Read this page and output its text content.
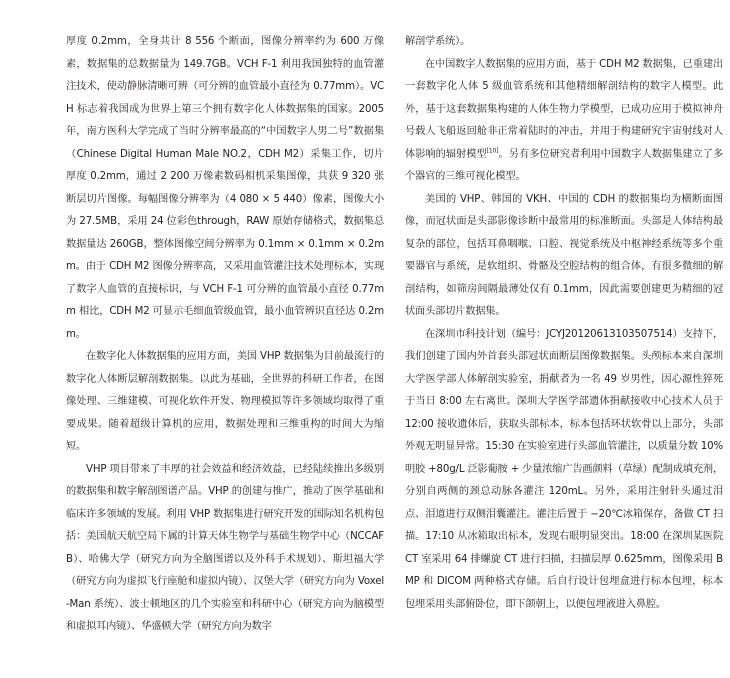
厚度 0.2mm，全身共计 8 556 个断面，图像分辨率约为 600 万像素，数据集的总数据量为 149.7GB。VCH F-1 利用我国独特的血管灌注技术，使动静脉清晰可辨（可分辨的血管最小直径为 0.77mm）。VCH 标志着我国成为世界上第三个拥有数字化人体数据集的国家。2005 年，南方医科大学完成了当时分辨率最高的“中国数字人男二号”数据集（Chinese Digital Human Male NO.2，CDH M2）采集工作，切片厚度 0.2mm，通过 2 200 万像素数码相机采集图像，共获 9 320 张断层切片图像。每幅图像分辨率为（4 080 × 5 440）像素，图像大小为 27.5MB，采用 24 位彩色through，RAW 原始存储格式，数据集总数据量达 260GB，整体图像空间分辨率为 0.1mm × 0.1mm × 0.2mm。由于 CDH M2 图像分辨率高，又采用血管灌注技术处理标本，实现了数字人血管的直接标识，与 VCH F-1 可分辨的血管最小直径 0.77mm 相比，CDH M2 可显示毛细血管级血管，最小血管辨识直径达 0.2mm。

在数字化人体数据集的应用方面，美国 VHP 数据集为目前最流行的数字化人体断层解剖数据集。以此为基础，全世界的科研工作者，在图像处理、三维建模、可视化软件开发、物理模拟等许多领域均取得了重要成果。随着超级计算机的应用，数据处理和三维重构的时间大为缩短。

VHP 项目带来了丰厚的社会效益和经济效益，已经陆续推出多级别的数据集和数字解剖图谱产品。VHP 的创建与推广，推动了医学基础和临床许多领域的发展。利用 VHP 数据集进行研究开发的国际知名机构包括：美国航天航空局下属的计算天体生物学与基础生物学中心（NCCAFB）、哈佛大学（研究方向为全脑图谱以及外科手术规划）、斯坦福大学（研究方向为虚拟飞行座舱和虚拟内镜）、汉堡大学（研究方向为 Voxel-Man 系统）、波士顿地区的几个实验室和科研中心（研究方向为脑模型和虚拟耳内镜）、华盛顿大学（研究方向为数字

解剖学系统）。

在中国数字人数据集的应用方面，基于 CDH M2 数据集，已重建出一套数字化人体 5 级血管系统和其他精细解剖结构的数字人模型。此外，基于这套数据集构建的人体生物力学模型，已成功应用于模拟神舟号载人飞船返回舱非正常着陆时的冲击，并用于构建研究宇宙射线对人体影响的辐射模型[10]。另有多位研究者利用中国数字人数据集建立了多个器官的三维可视化模型。

美国的 VHP、韩国的 VKH、中国的 CDH 的数据集均为横断面图像，而冠状面是头部影像诊断中最常用的标准断面。头部是人体结构最复杂的部位，包括耳鼻咽喉、口腔、视觉系统及中枢神经系统等多个重要器官与系统，是软组织、骨骼及空腔结构的组合体，有很多微细的解剖结构，如筛房间隔最薄处仅有 0.1mm，因此需要创建更为精细的冠状面头部切片数据集。

在深圳市科技计划（编号：JCYJ20120613103507514）支持下，我们创建了国内外首套头部冠状面断层图像数据集。头颅标本来自深圳大学医学部人体解剖实验室，捐献者为一名 49 岁男性，因心源性猝死于当日 8:00 左右离世。深圳大学医学部遗体捐献接收中心技术人员于 12:00 接收遗体后，获取头部标本，标本包括环状软骨以上部分，头部外观无明显异常。15:30 在实验室进行头部血管灌注，以质量分数 10% 明胶 +80g/L 泛影葡胺 + 少量浓缩广告画颜料（草绿）配制成填充剂，分别自两侧的颈总动脉各灌注 120mL。另外，采用注射针头通过泪点、泪道进行双侧泪囊灌注。灌注后置于 −20℃冰箱保存，备做 CT 扫描。17:10 从冰箱取出标本，发现右眼明显突出。18:00 在深圳某医院 CT 室采用 64 排螺旋 CT 进行扫描，扫描层厚 0.625mm，图像采用 BMP 和 DICOM 两种格式存储。后自行设计包埋盒进行标本包埋，标本包埋采用头部俯卧位，即下颌朝上，以便包埋液进入鼻腔。
